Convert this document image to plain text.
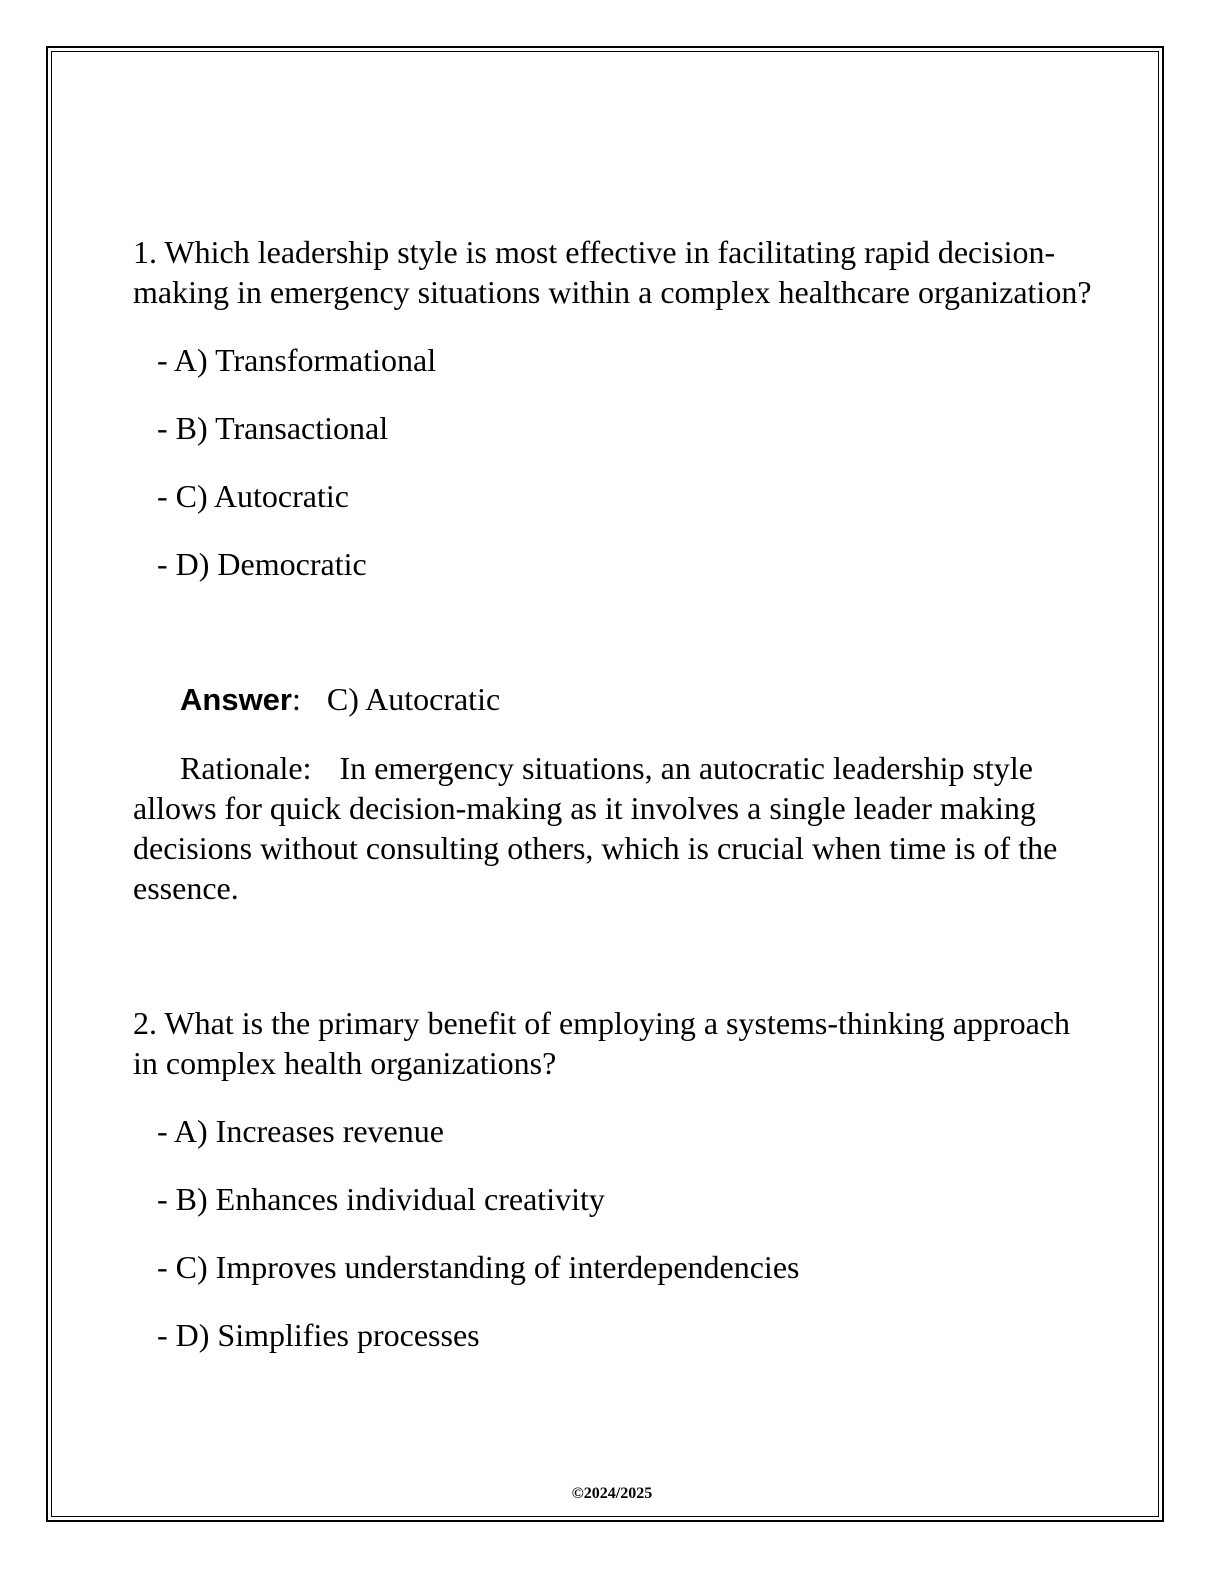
1. Which leadership style is most effective in facilitating rapid decision-making in emergency situations within a complex healthcare organization?

- A) Transformational
- B) Transactional
- C) Autocratic
- D) Democratic
Answer: C) Autocratic

Rationale: In emergency situations, an autocratic leadership style allows for quick decision-making as it involves a single leader making decisions without consulting others, which is crucial when time is of the essence.

2. What is the primary benefit of employing a systems-thinking approach in complex health organizations?

- A) Increases revenue
- B) Enhances individual creativity
- C) Improves understanding of interdependencies
- D) Simplifies processes
©2024/2025
